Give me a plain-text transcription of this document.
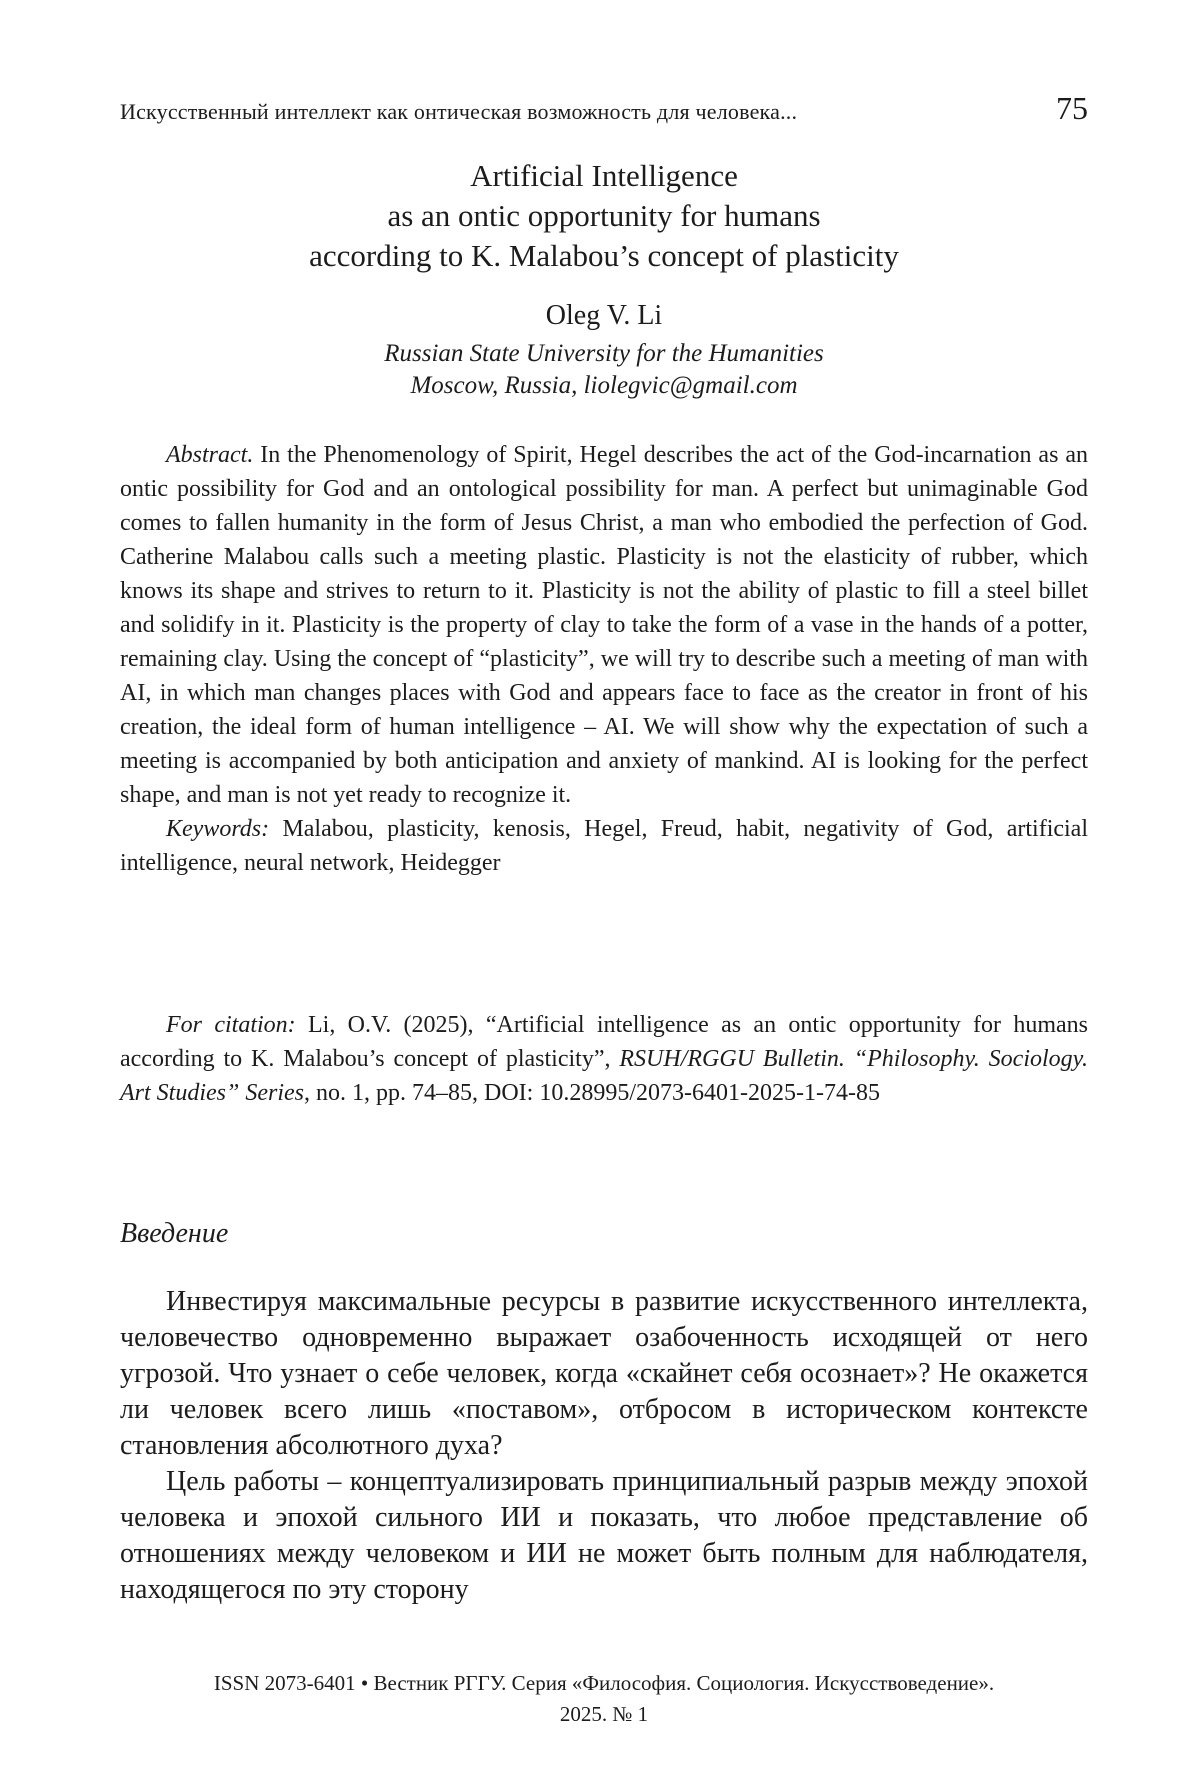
Искусственный интеллект как онтическая возможность для человека...	75
Artificial Intelligence
as an ontic opportunity for humans
according to K. Malabou’s concept of plasticity
Oleg V. Li
Russian State University for the Humanities
Moscow, Russia, liolegvic@gmail.com

Abstract. In the Phenomenology of Spirit, Hegel describes the act of the God-incarnation as an ontic possibility for God and an ontological possibility for man. A perfect but unimaginable God comes to fallen humanity in the form of Jesus Christ, a man who embodied the perfection of God. Catherine Malabou calls such a meeting plastic. Plasticity is not the elasticity of rubber, which knows its shape and strives to return to it. Plasticity is not the ability of plastic to fill a steel billet and solidify in it. Plasticity is the property of clay to take the form of a vase in the hands of a potter, remaining clay. Using the concept of “plasticity”, we will try to describe such a meeting of man with AI, in which man changes places with God and appears face to face as the creator in front of his creation, the ideal form of human intelligence – AI. We will show why the expectation of such a meeting is accompanied by both anticipation and anxiety of mankind. AI is looking for the perfect shape, and man is not yet ready to recognize it.

Keywords: Malabou, plasticity, kenosis, Hegel, Freud, habit, negativity of God, artificial intelligence, neural network, Heidegger

For citation: Li, O.V. (2025), “Artificial intelligence as an ontic opportunity for humans according to K. Malabou’s concept of plasticity”, RSUH/RGGU Bulletin. “Philosophy. Sociology. Art Studies” Series, no. 1, pp. 74–85, DOI: 10.28995/2073-6401-2025-1-74-85

Введение

Инвестируя максимальные ресурсы в развитие искусственного интеллекта, человечество одновременно выражает озабоченность исходящей от него угрозой. Что узнает о себе человек, когда «скайнет себя осознает»? Не окажется ли человек всего лишь «поставом», отбросом в историческом контексте становления абсолютного духа?

Цель работы – концептуализировать принципиальный разрыв между эпохой человека и эпохой сильного ИИ и показать, что любое представление об отношениях между человеком и ИИ не может быть полным для наблюдателя, находящегося по эту сторону

ISSN 2073-6401 • Вестник РГГУ. Серия «Философия. Социология. Искусствоведение».
2025. № 1
